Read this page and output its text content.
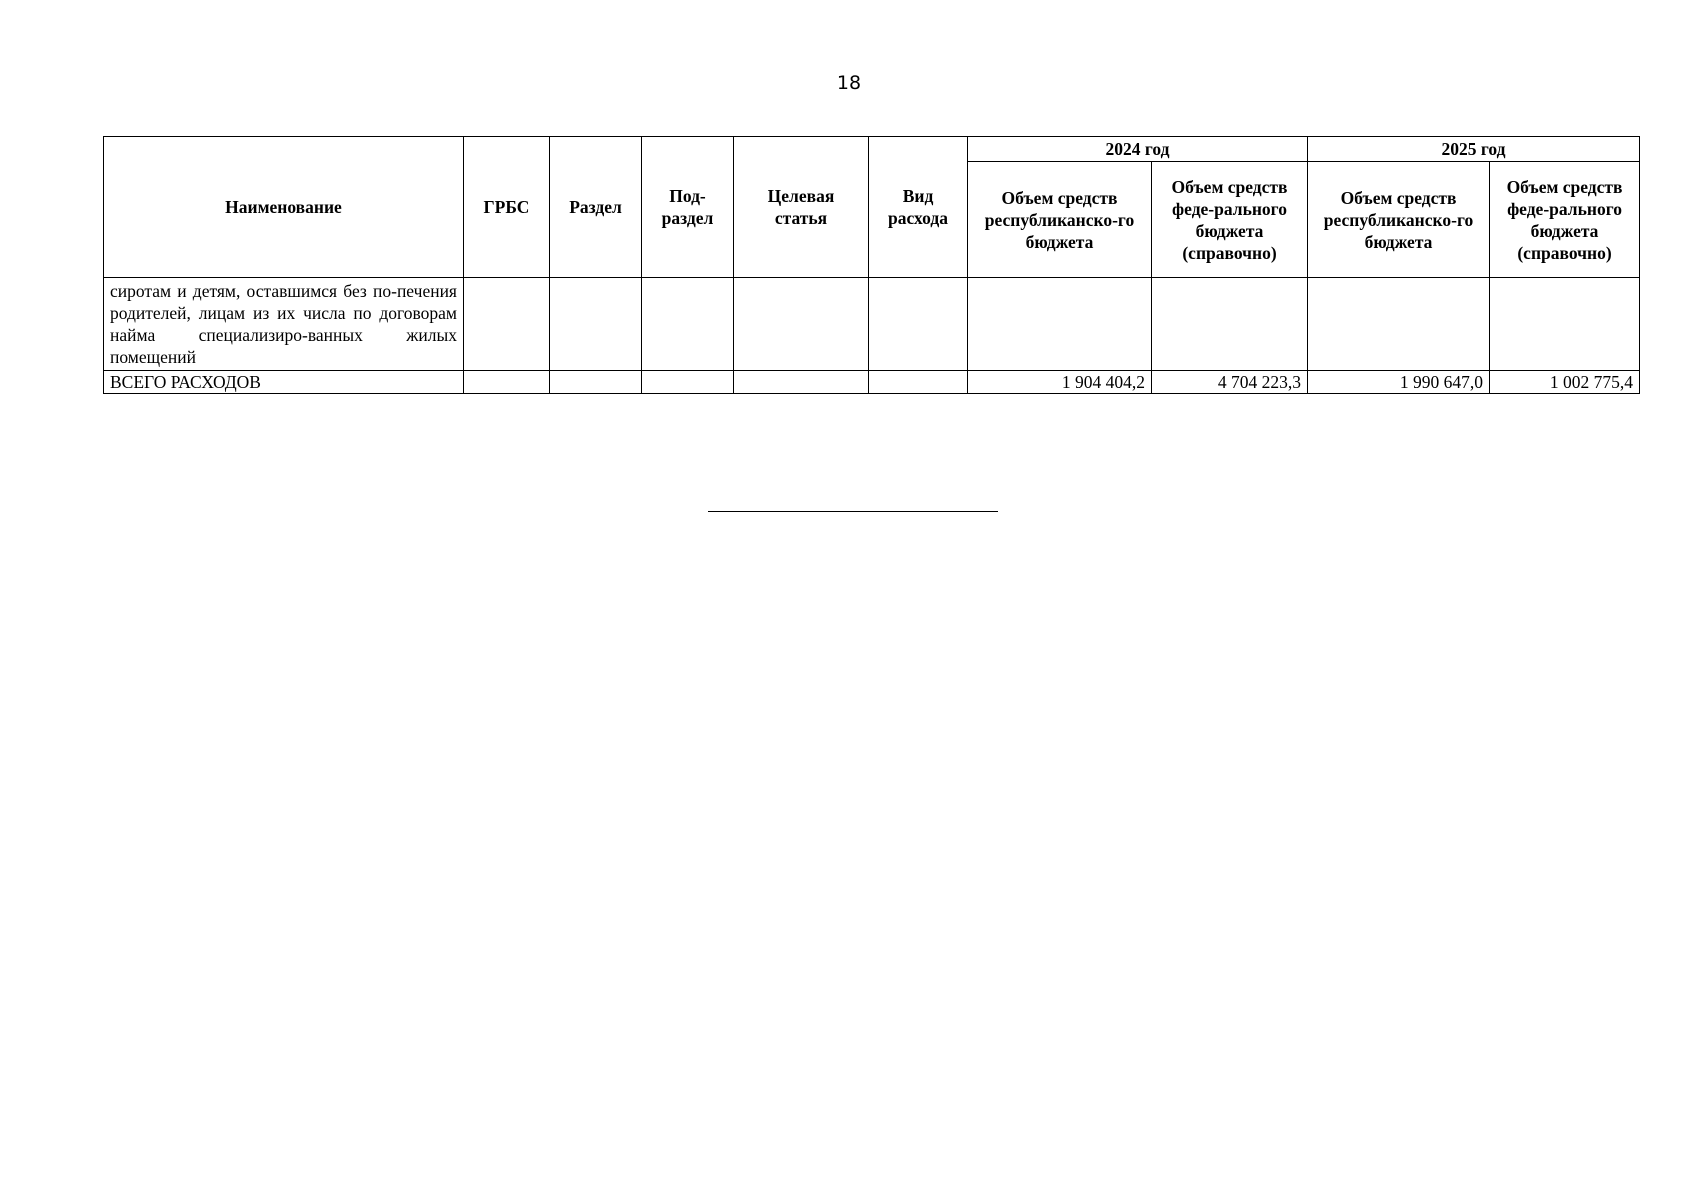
18
Наименование	ГРБС	Раздел	Под-раздел	Целевая статья	Вид расхода	2024 год		2025 год	
						Объем средств республиканско-го бюджета	Объем средств феде-рального бюджета (справочно)	Объем средств республиканско-го бюджета	Объем средств феде-рального бюджета (справочно)
сиротам и детям, оставшимся без по-печения родителей, лицам из их числа по договорам найма специализиро-ванных жилых помещений									
ВСЕГО РАСХОДОВ						1 904 404,2	4 704 223,3	1 990 647,0	1 002 775,4
